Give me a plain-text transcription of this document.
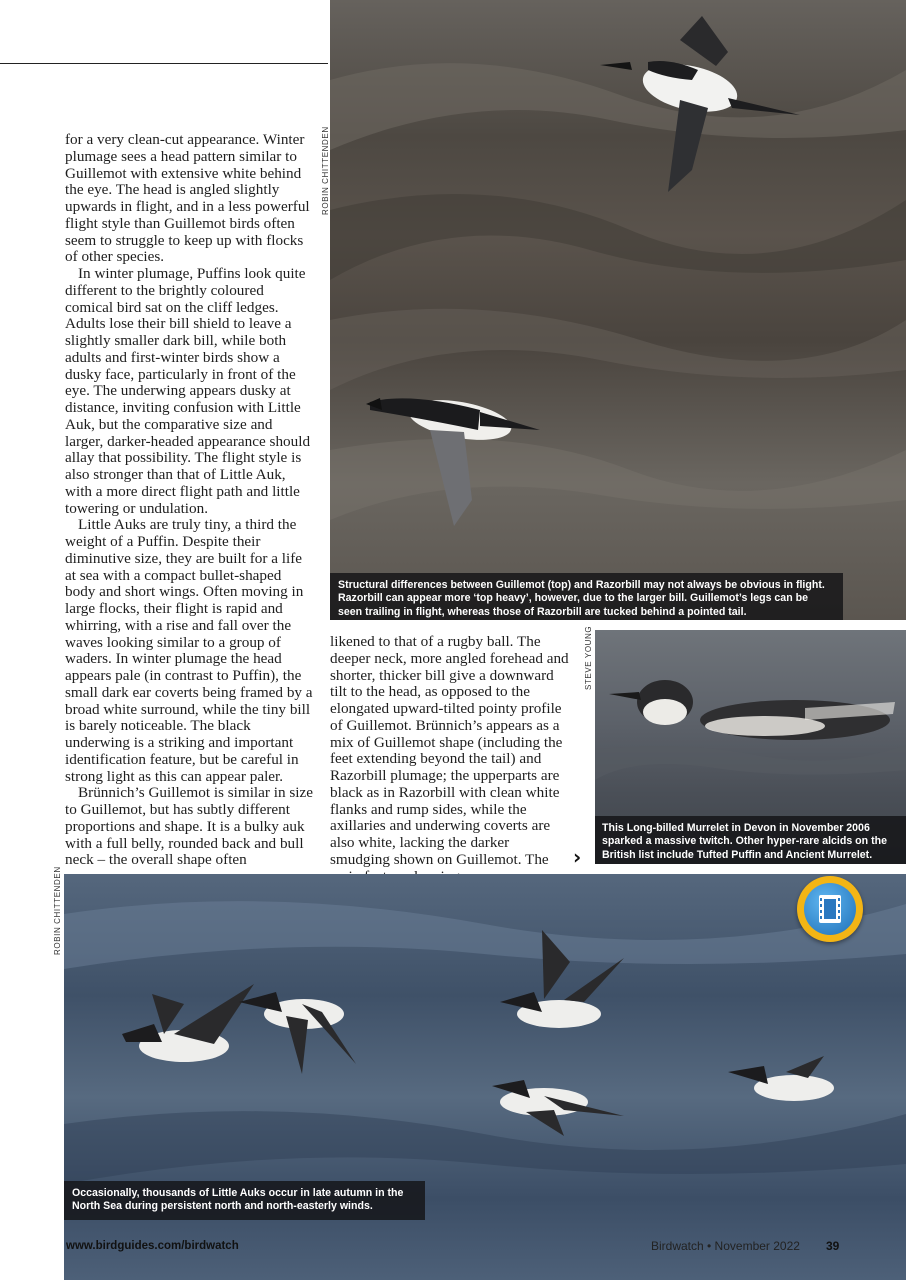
for a very clean-cut appearance. Winter plumage sees a head pattern similar to Guillemot with extensive white behind the eye. The head is angled slightly upwards in flight, and in a less powerful flight style than Guillemot birds often seem to struggle to keep up with flocks of other species.

In winter plumage, Puffins look quite different to the brightly coloured comical bird sat on the cliff ledges. Adults lose their bill shield to leave a slightly smaller dark bill, while both adults and first-winter birds show a dusky face, particularly in front of the eye. The underwing appears dusky at distance, inviting confusion with Little Auk, but the comparative size and larger, darker-headed appearance should allay that possibility. The flight style is also stronger than that of Little Auk, with a more direct flight path and little towering or undulation.

Little Auks are truly tiny, a third the weight of a Puffin. Despite their diminutive size, they are built for a life at sea with a compact bullet-shaped body and short wings. Often moving in large flocks, their flight is rapid and whirring, with a rise and fall over the waves looking similar to a group of waders. In winter plumage the head appears pale (in contrast to Puffin), the small dark ear coverts being framed by a broad white surround, while the tiny bill is barely noticeable. The black underwing is a striking and important identification feature, but be careful in strong light as this can appear paler.

Brünnich’s Guillemot is similar in size to Guillemot, but has subtly different proportions and shape. It is a bulky auk with a full belly, rounded back and bull neck – the overall shape often

likened to that of a rugby ball. The deeper neck, more angled forehead and shorter, thicker bill give a downward tilt to the head, as opposed to the elongated upward-tilted pointy profile of Guillemot. Brünnich’s appears as a mix of Guillemot shape (including the feet extending beyond the tail) and Razorbill plumage; the upperparts are black as in Razorbill with clean white flanks and rump sides, while the axillaries and underwing coverts are also white, lacking the darker smudging shown on Guillemot. The	›
ROBIN CHITTENDEN
Structural differences between Guillemot (top) and Razorbill may not always be obvious in flight. Razorbill can appear more ‘top heavy’, however, due to the larger bill. Guillemot’s legs can be seen trailing in flight, whereas those of Razorbill are tucked behind a pointed tail.
STEVE YOUNG
This Long-billed Murrelet in Devon in November 2006 sparked a massive twitch. Other hyper-rare alcids on the British list include Tufted Puffin and Ancient Murrelet.
ROBIN CHITTENDEN
Occasionally, thousands of Little Auks occur in late autumn in the North Sea during persistent north and north-easterly winds.
www.birdguides.com/birdwatch	Birdwatch • November 2022 39
